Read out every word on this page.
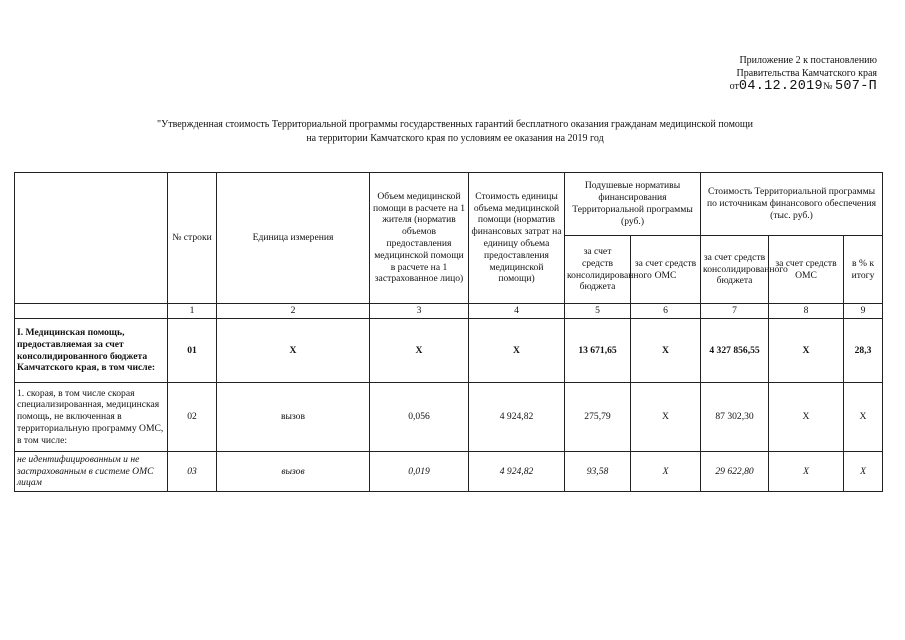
Приложение 2 к постановлению
Правительства Камчатского края
от04.12.2019№ 507-П
"Утвержденная стоимость Территориальной программы государственных гарантий бесплатного оказания гражданам медицинской помощи
на территории Камчатского края по условиям ее оказания на 2019 год
	№ строки	Единица измерения	Объем медицинской помощи в расчете на 1 жителя (норматив объемов предоставления медицинской помощи в расчете на 1 застрахованное лицо)	Стоимость единицы объема медицинской помощи (норматив финансовых затрат на единицу объема предоставления медицинской помощи)	Подушевые нормативы финансирования Территориальной программы (руб.)		Стоимость Территориальной программы по источникам финансового обеспечения (тыс. руб.)		
					за счет средств консолидированного бюджета	за счет средств ОМС	за счет средств консолидированного бюджета	за счет средств ОМС	в % к итогу
	1	2	3	4	5	6	7	8	9
I. Медицинская помощь, предоставляемая за счет консолидированного бюджета Камчатского края, в том числе:	01	X	X	X	13 671,65	X	4 327 856,55	X	28,3
1. скорая, в том числе скорая специализированная, медицинская помощь, не включенная в территориальную программу ОМС, в том числе:	02	вызов	0,056	4 924,82	275,79	X	87 302,30	X	X
не идентифицированным и не застрахованным в системе ОМС лицам	03	вызов	0,019	4 924,82	93,58	X	29 622,80	X	X
